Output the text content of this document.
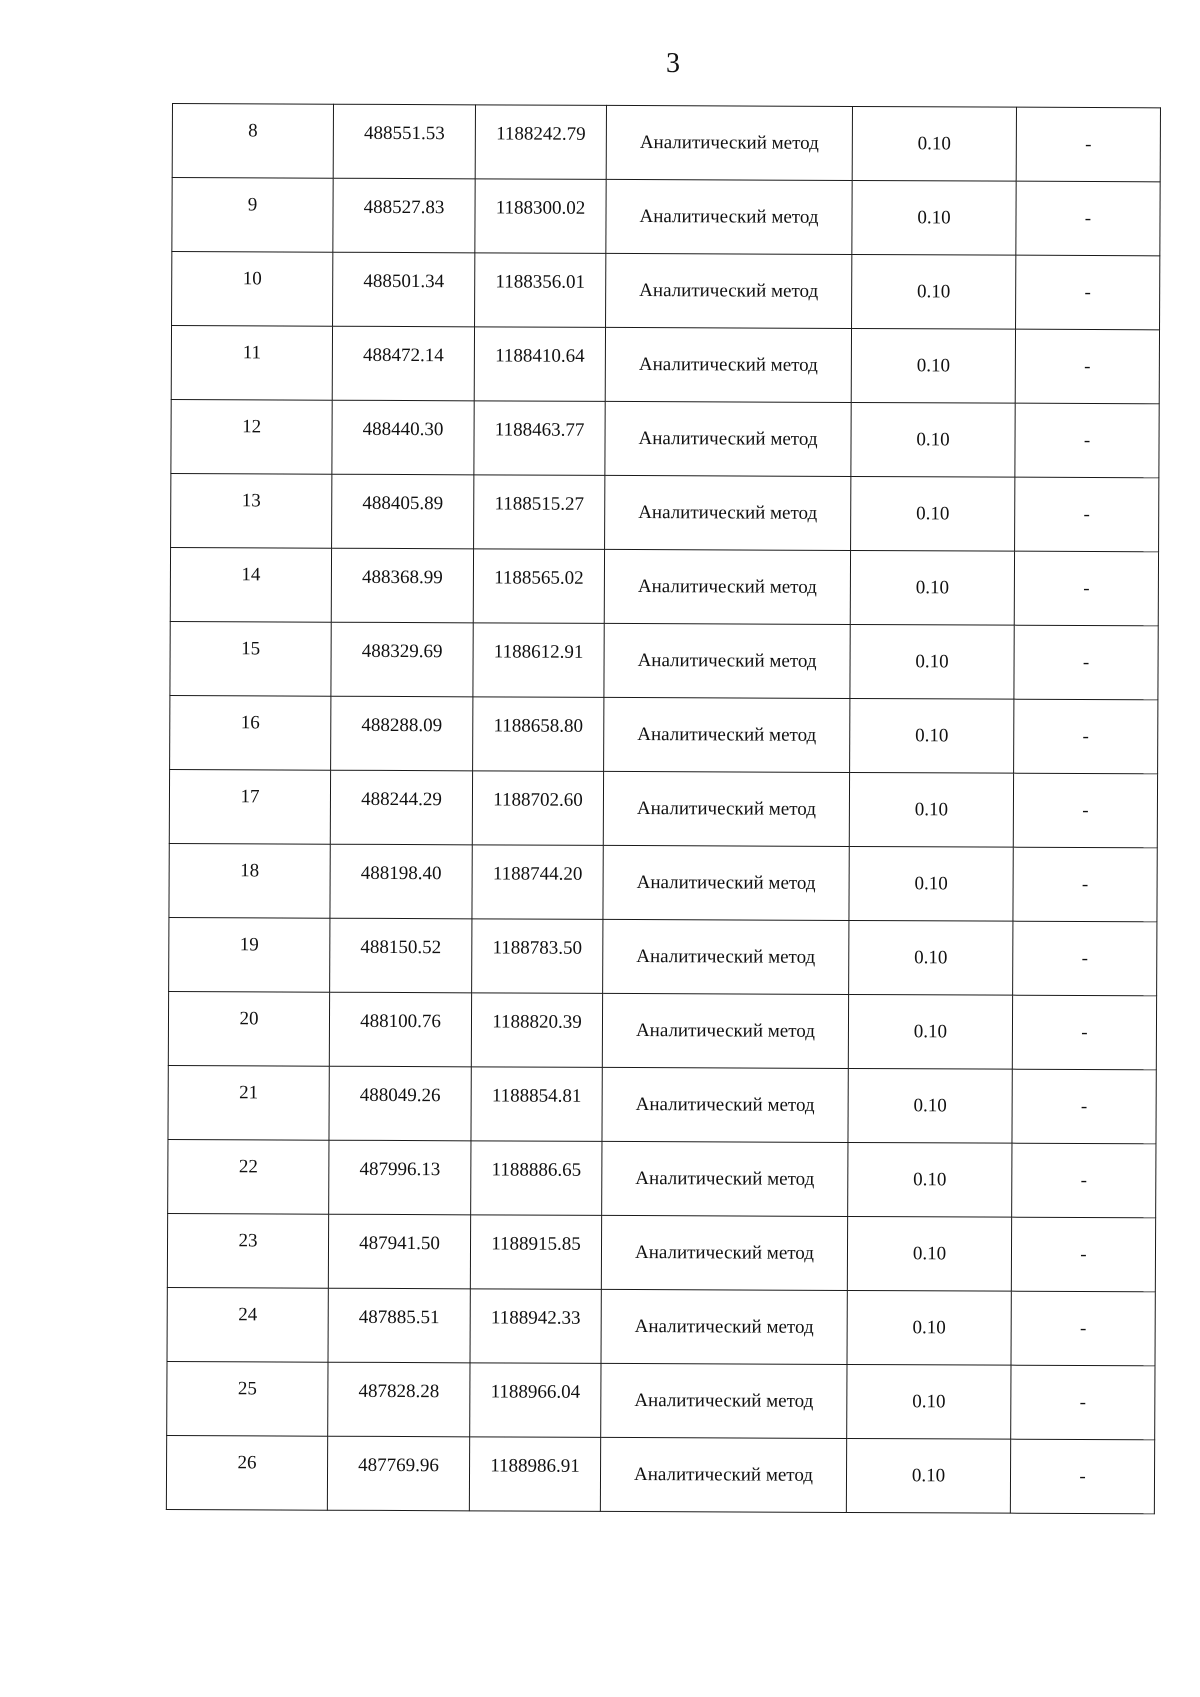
3
8	488551.53	1188242.79	Аналитический метод	0.10	-
9	488527.83	1188300.02	Аналитический метод	0.10	-
10	488501.34	1188356.01	Аналитический метод	0.10	-
11	488472.14	1188410.64	Аналитический метод	0.10	-
12	488440.30	1188463.77	Аналитический метод	0.10	-
13	488405.89	1188515.27	Аналитический метод	0.10	-
14	488368.99	1188565.02	Аналитический метод	0.10	-
15	488329.69	1188612.91	Аналитический метод	0.10	-
16	488288.09	1188658.80	Аналитический метод	0.10	-
17	488244.29	1188702.60	Аналитический метод	0.10	-
18	488198.40	1188744.20	Аналитический метод	0.10	-
19	488150.52	1188783.50	Аналитический метод	0.10	-
20	488100.76	1188820.39	Аналитический метод	0.10	-
21	488049.26	1188854.81	Аналитический метод	0.10	-
22	487996.13	1188886.65	Аналитический метод	0.10	-
23	487941.50	1188915.85	Аналитический метод	0.10	-
24	487885.51	1188942.33	Аналитический метод	0.10	-
25	487828.28	1188966.04	Аналитический метод	0.10	-
26	487769.96	1188986.91	Аналитический метод	0.10	-
